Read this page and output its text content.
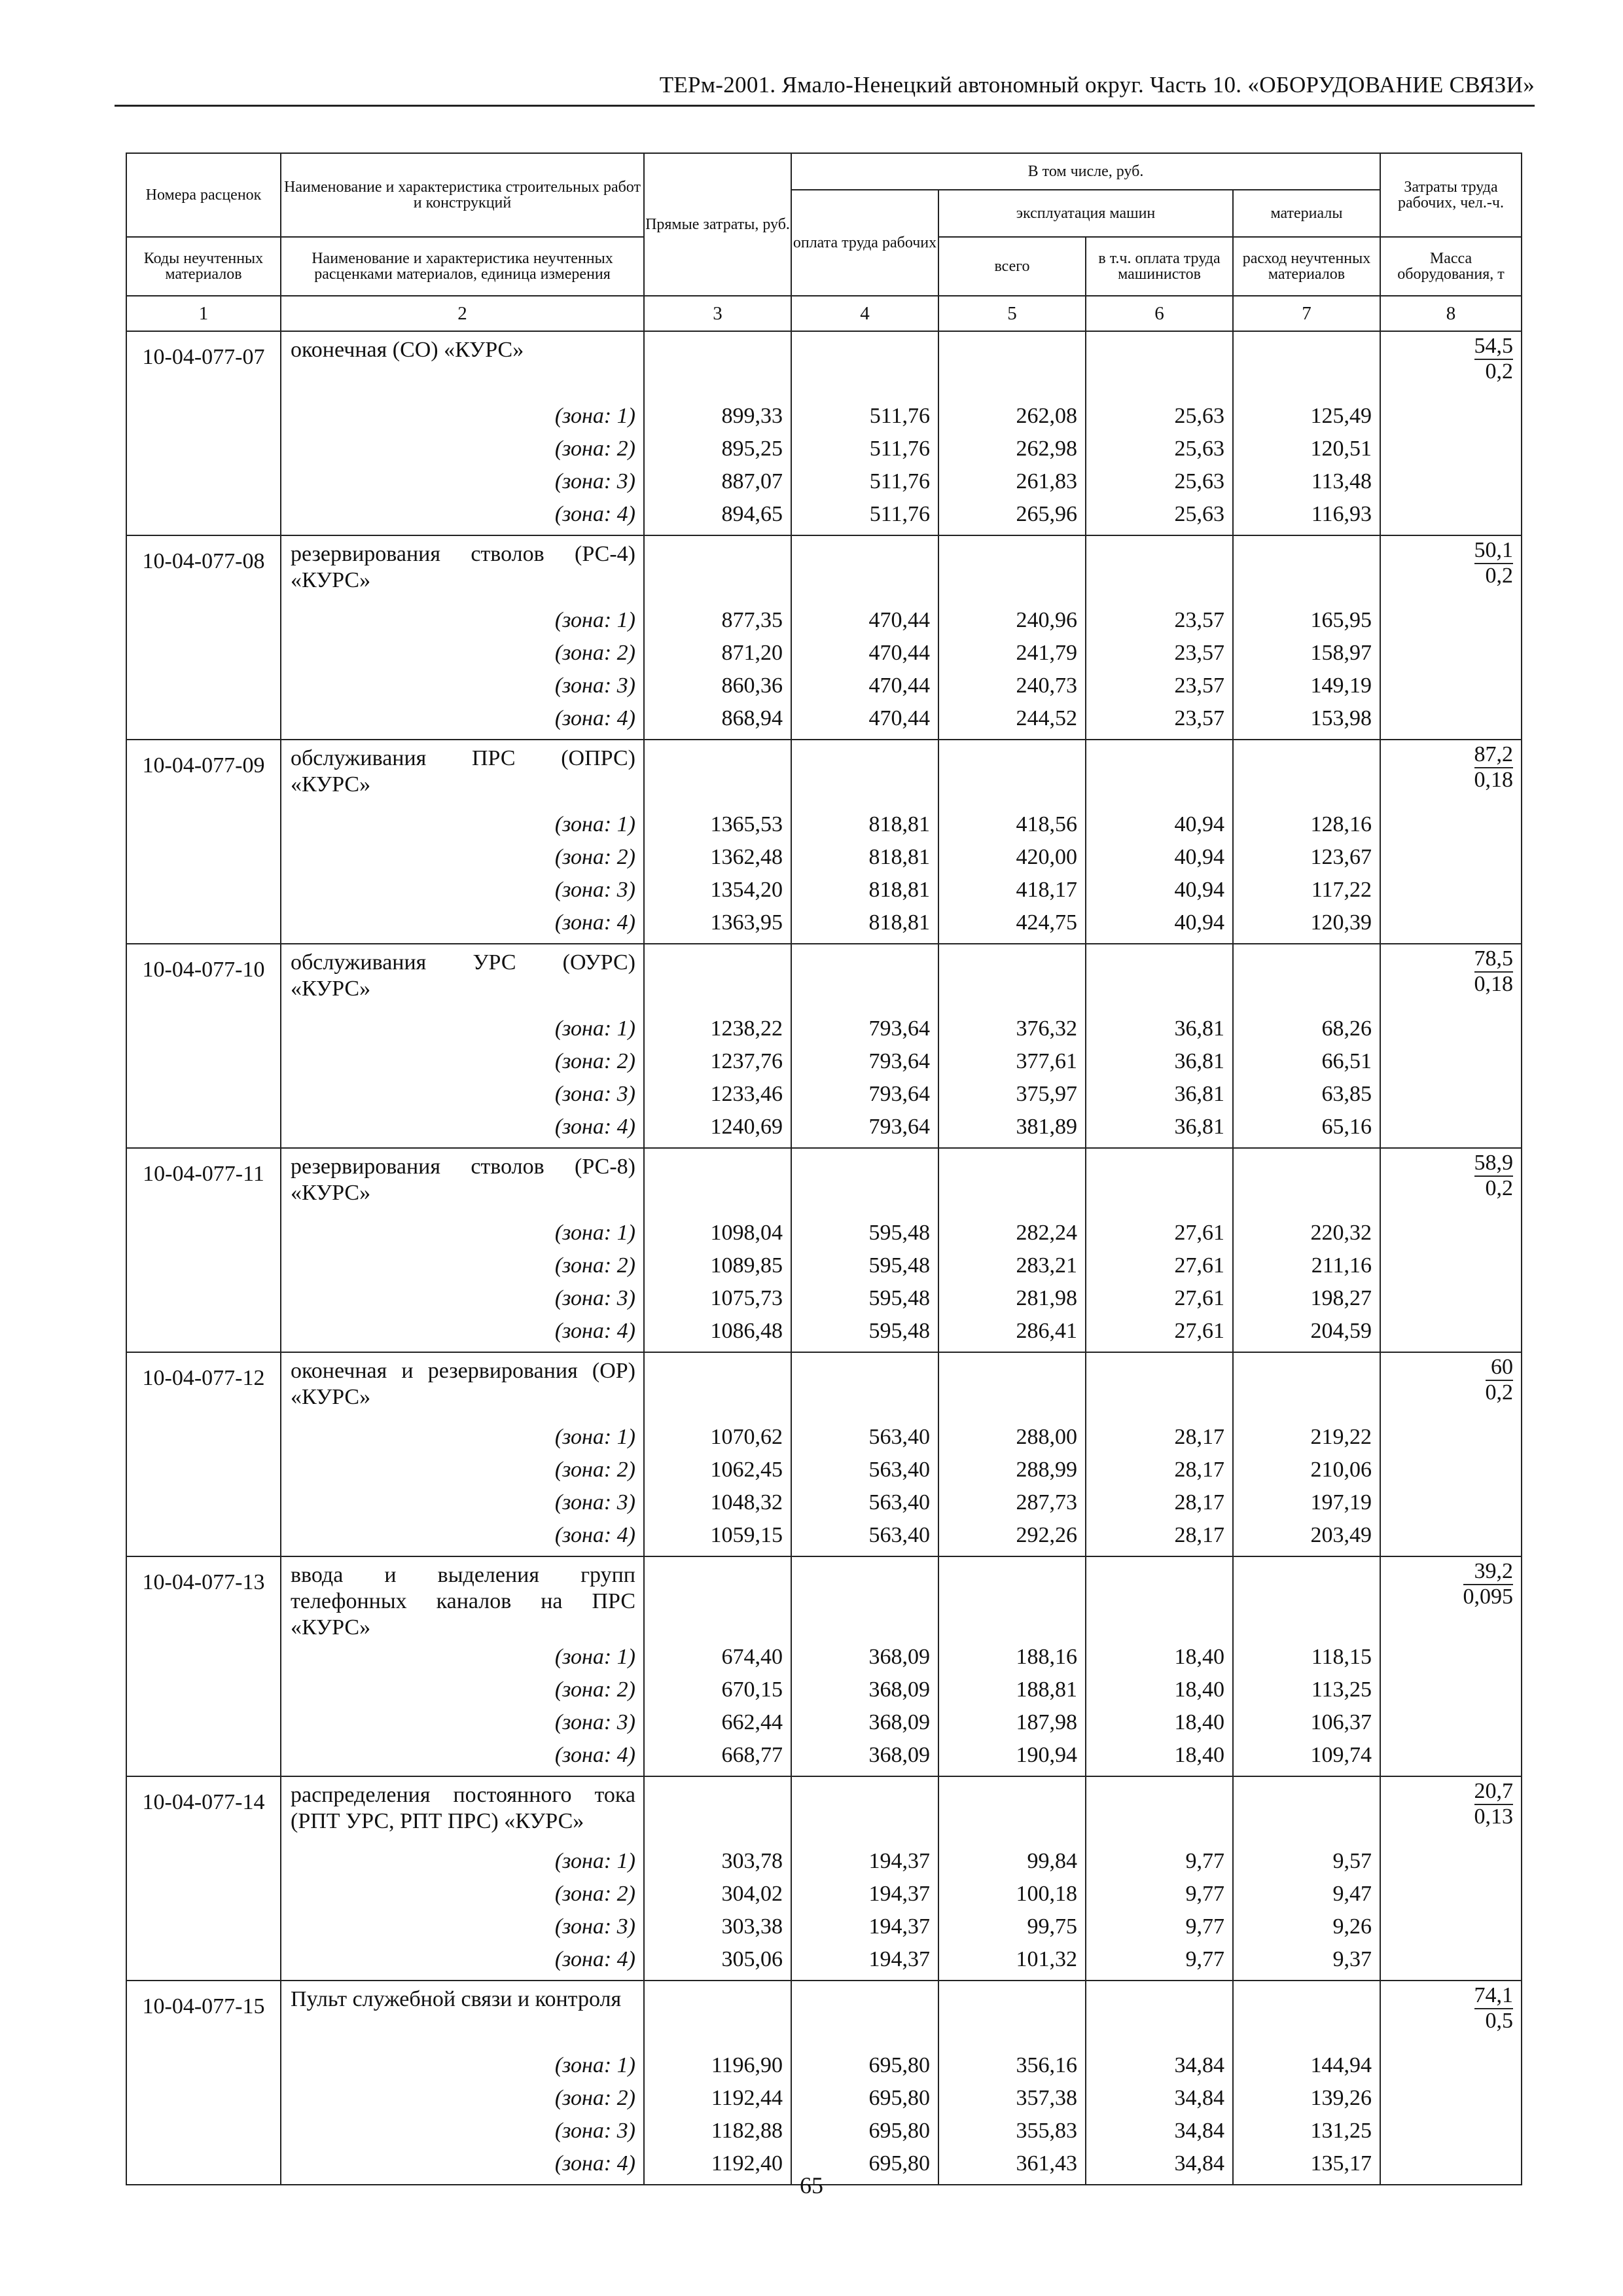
ТЕРм-2001. Ямало-Ненецкий автономный округ. Часть 10. «ОБОРУДОВАНИЕ СВЯЗИ»
Номера расценок	Наименование и характеристика строительных работ и конструкций	Прямые затраты, руб.	В том числе, руб.				Затраты труда рабочих, чел.-ч.
			оплата труда рабочих	эксплуатация машин		материалы	
Коды неучтенных материалов	Наименование и характеристика неучтенных расценками материалов, единица измерения			всего	в т.ч. оплата труда машинистов	расход неучтенных материалов	Масса оборудования, т
1	2	3	4	5	6	7	8
10-04-077-07	оконечная (СО) «КУРС»						$\frac{54,5}{0,2}$

	(зона: 1)	899,33	511,76	262,08	25,63	125,49	
	(зона: 2)	895,25	511,76	262,98	25,63	120,51	
	(зона: 3)	887,07	511,76	261,83	25,63	113,48	
	(зона: 4)	894,65	511,76	265,96	25,63	116,93	
10-04-077-08	резервирования стволов (РС-4) «КУРС»						$\frac{50,1}{0,2}$

	(зона: 1)	877,35	470,44	240,96	23,57	165,95	
	(зона: 2)	871,20	470,44	241,79	23,57	158,97	
	(зона: 3)	860,36	470,44	240,73	23,57	149,19	
	(зона: 4)	868,94	470,44	244,52	23,57	153,98	
10-04-077-09	обслуживания ПРС (ОПРС) «КУРС»						$\frac{87,2}{0,18}$

	(зона: 1)	1365,53	818,81	418,56	40,94	128,16	
	(зона: 2)	1362,48	818,81	420,00	40,94	123,67	
	(зона: 3)	1354,20	818,81	418,17	40,94	117,22	
	(зона: 4)	1363,95	818,81	424,75	40,94	120,39	
10-04-077-10	обслуживания УРС (ОУРС) «КУРС»						$\frac{78,5}{0,18}$

	(зона: 1)	1238,22	793,64	376,32	36,81	68,26	
	(зона: 2)	1237,76	793,64	377,61	36,81	66,51	
	(зона: 3)	1233,46	793,64	375,97	36,81	63,85	
	(зона: 4)	1240,69	793,64	381,89	36,81	65,16	
10-04-077-11	резервирования стволов (РС-8) «КУРС»						$\frac{58,9}{0,2}$

	(зона: 1)	1098,04	595,48	282,24	27,61	220,32	
	(зона: 2)	1089,85	595,48	283,21	27,61	211,16	
	(зона: 3)	1075,73	595,48	281,98	27,61	198,27	
	(зона: 4)	1086,48	595,48	286,41	27,61	204,59	
10-04-077-12	оконечная и резервирования (ОР) «КУРС»						$\frac{60}{0,2}$

	(зона: 1)	1070,62	563,40	288,00	28,17	219,22	
	(зона: 2)	1062,45	563,40	288,99	28,17	210,06	
	(зона: 3)	1048,32	563,40	287,73	28,17	197,19	
	(зона: 4)	1059,15	563,40	292,26	28,17	203,49	
10-04-077-13	ввода и выделения групп телефонных каналов на ПРС «КУРС»						$\frac{39,2}{0,095}$

	(зона: 1)	674,40	368,09	188,16	18,40	118,15	
	(зона: 2)	670,15	368,09	188,81	18,40	113,25	
	(зона: 3)	662,44	368,09	187,98	18,40	106,37	
	(зона: 4)	668,77	368,09	190,94	18,40	109,74	
10-04-077-14	распределения постоянного тока (РПТ УРС, РПТ ПРС) «КУРС»						$\frac{20,7}{0,13}$

	(зона: 1)	303,78	194,37	99,84	9,77	9,57	
	(зона: 2)	304,02	194,37	100,18	9,77	9,47	
	(зона: 3)	303,38	194,37	99,75	9,77	9,26	
	(зона: 4)	305,06	194,37	101,32	9,77	9,37	
10-04-077-15	Пульт служебной связи и контроля						$\frac{74,1}{0,5}$

	(зона: 1)	1196,90	695,80	356,16	34,84	144,94	
	(зона: 2)	1192,44	695,80	357,38	34,84	139,26	
	(зона: 3)	1182,88	695,80	355,83	34,84	131,25	
	(зона: 4)	1192,40	695,80	361,43	34,84	135,17	
65
